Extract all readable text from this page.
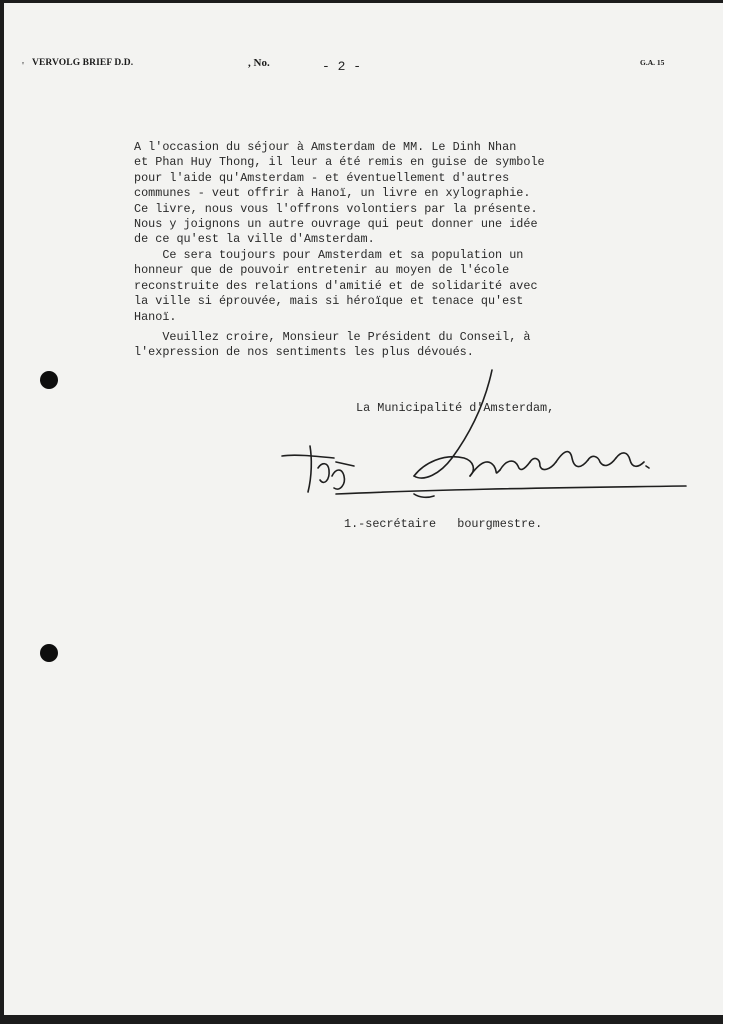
' VERVOLG BRIEF D.D.	, No.	- 2 -	G.A. 15

A l'occasion du séjour à Amsterdam de MM. Le Dinh Nhan
et Phan Huy Thong, il leur a été remis en guise de symbole
pour l'aide qu'Amsterdam - et éventuellement d'autres
communes - veut offrir à Hanoï, un livre en xylographie.
Ce livre, nous vous l'offrons volontiers par la présente.
Nous y joignons un autre ouvrage qui peut donner une idée
de ce qu'est la ville d'Amsterdam.

Ce sera toujours pour Amsterdam et sa population un
honneur que de pouvoir entretenir au moyen de l'école
reconstruite des relations d'amitié et de solidarité avec
la ville si éprouvée, mais si héroïque et tenace qu'est
Hanoï.

Veuillez croire, Monsieur le Président du Conseil, à
l'expression de nos sentiments les plus dévoués.

La Municipalité d'Amsterdam,
1.-secrétaire   bourgmestre.
